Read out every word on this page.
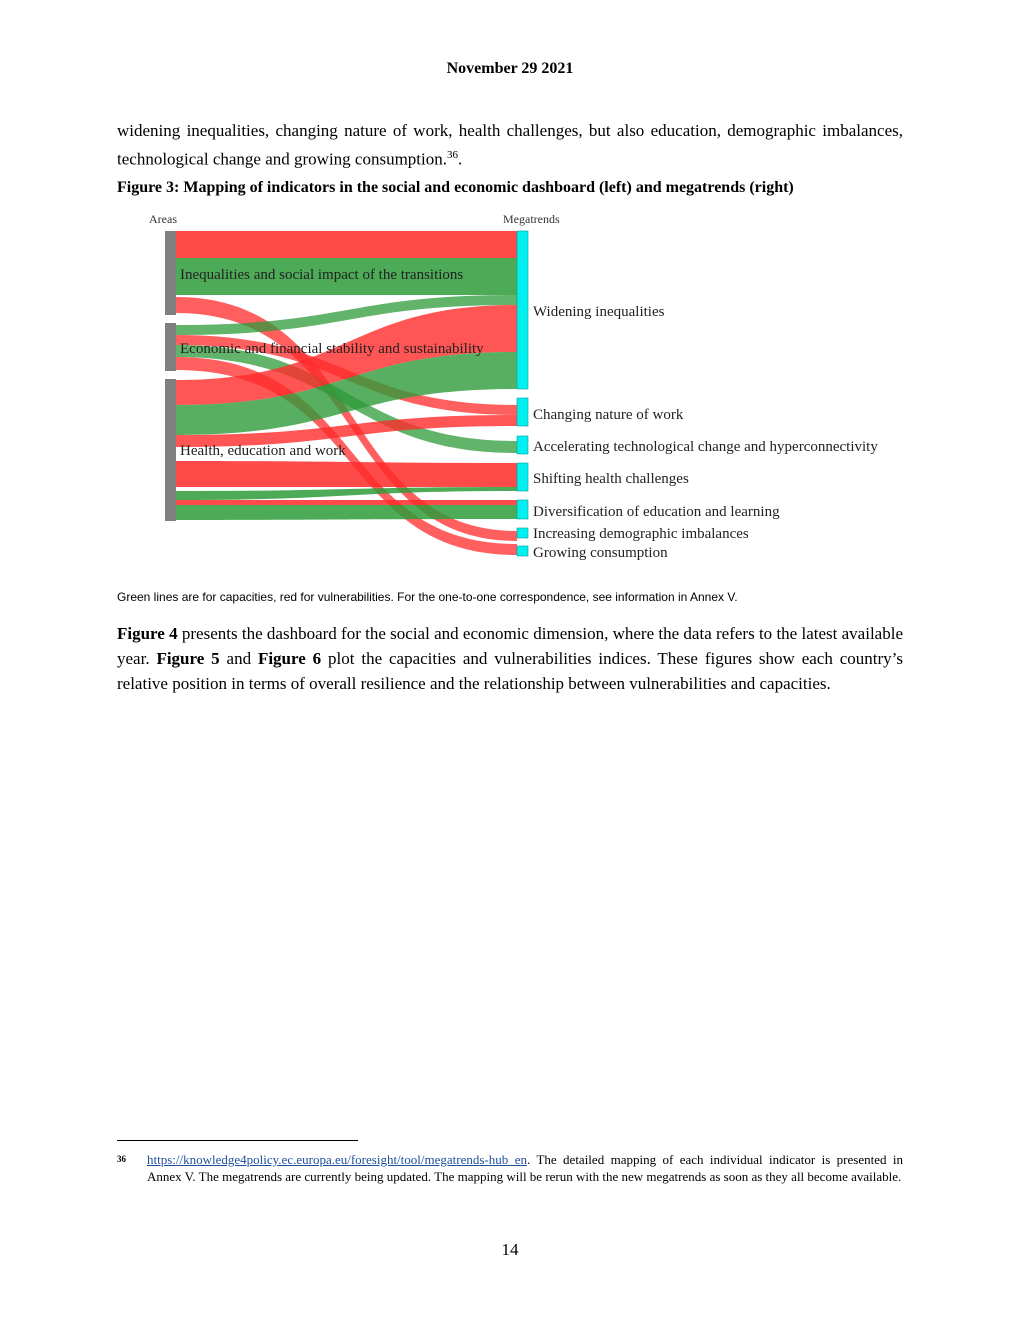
November 29 2021
widening inequalities, changing nature of work, health challenges, but also education, demographic imbalances, technological change and growing consumption.$^{36}$.
Figure 3: Mapping of indicators in the social and economic dashboard (left) and megatrends (right)
Areas	Megatrends
Inequalities and social impact of the transitions
Economic and financial stability and sustainability
Health, education and work
Widening inequalities
Changing nature of work
Accelerating technological change and hyperconnectivity
Shifting health challenges
Diversification of education and learning
Increasing demographic imbalances
Growing consumption
Green lines are for capacities, red for vulnerabilities. For the one-to-one correspondence, see information in Annex V.
Figure 4 presents the dashboard for the social and economic dimension, where the data refers to the latest available year. Figure 5 and Figure 6 plot the capacities and vulnerabilities indices. These figures show each country’s relative position in terms of overall resilience and the relationship between vulnerabilities and capacities.
36 https://knowledge4policy.ec.europa.eu/foresight/tool/megatrends-hub_en. The detailed mapping of each individual indicator is presented in Annex V. The megatrends are currently being updated. The mapping will be rerun with the new megatrends as soon as they all become available.
14
